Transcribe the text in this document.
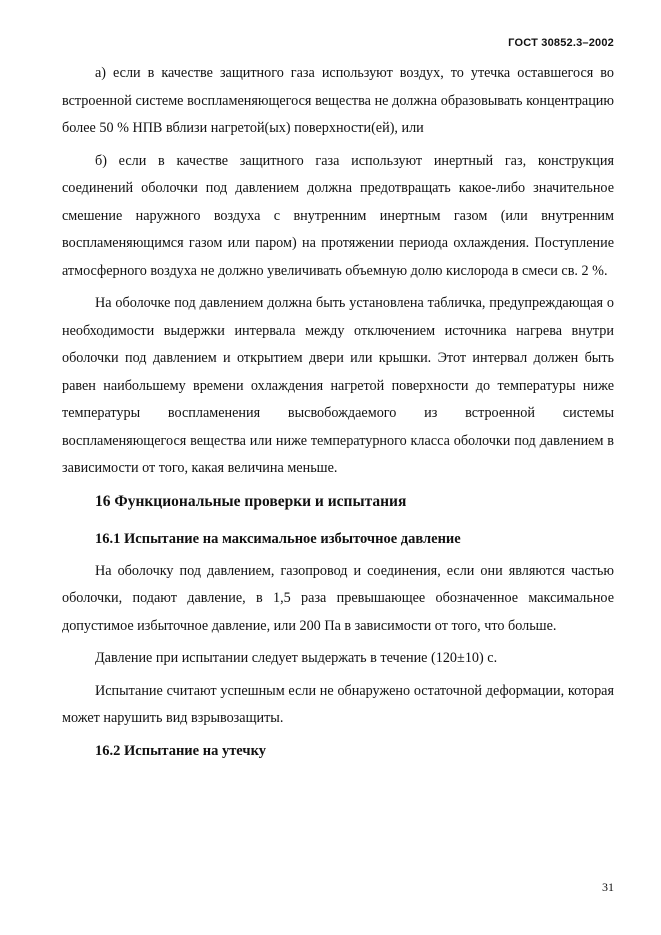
ГОСТ 30852.3–2002

а) если в качестве защитного газа используют воздух, то утечка оставшегося во встроенной системе воспламеняющегося вещества не должна образовывать концентрацию более 50 % НПВ вблизи нагретой(ых) поверхности(ей), или

б) если в качестве защитного газа используют инертный газ, конструкция соединений оболочки под давлением должна предотвращать какое-либо значительное смешение наружного воздуха с внутренним инертным газом (или внутренним воспламеняющимся газом или паром) на протяжении периода охлаждения. Поступление атмосферного воздуха не должно увеличивать объемную долю кислорода в смеси св. 2 %.

На оболочке под давлением должна быть установлена табличка, предупреждающая о необходимости выдержки интервала между отключением источника нагрева внутри оболочки под давлением и открытием двери или крышки. Этот интервал должен быть равен наибольшему времени охлаждения нагретой поверхности до температуры ниже температуры воспламенения высвобождаемого из встроенной системы воспламеняющегося вещества или ниже температурного класса оболочки под давлением в зависимости от того, какая величина меньше.

16 Функциональные проверки и испытания
16.1 Испытание на максимальное избыточное давление

На оболочку под давлением, газопровод и соединения, если они являются частью оболочки, подают давление, в 1,5 раза превышающее обозначенное максимальное допустимое избыточное давление, или 200 Па в зависимости от того, что больше.

Давление при испытании следует выдержать в течение (120±10) с.

Испытание считают успешным если не обнаружено остаточной деформации, которая может нарушить вид взрывозащиты.

16.2 Испытание на утечку
31
